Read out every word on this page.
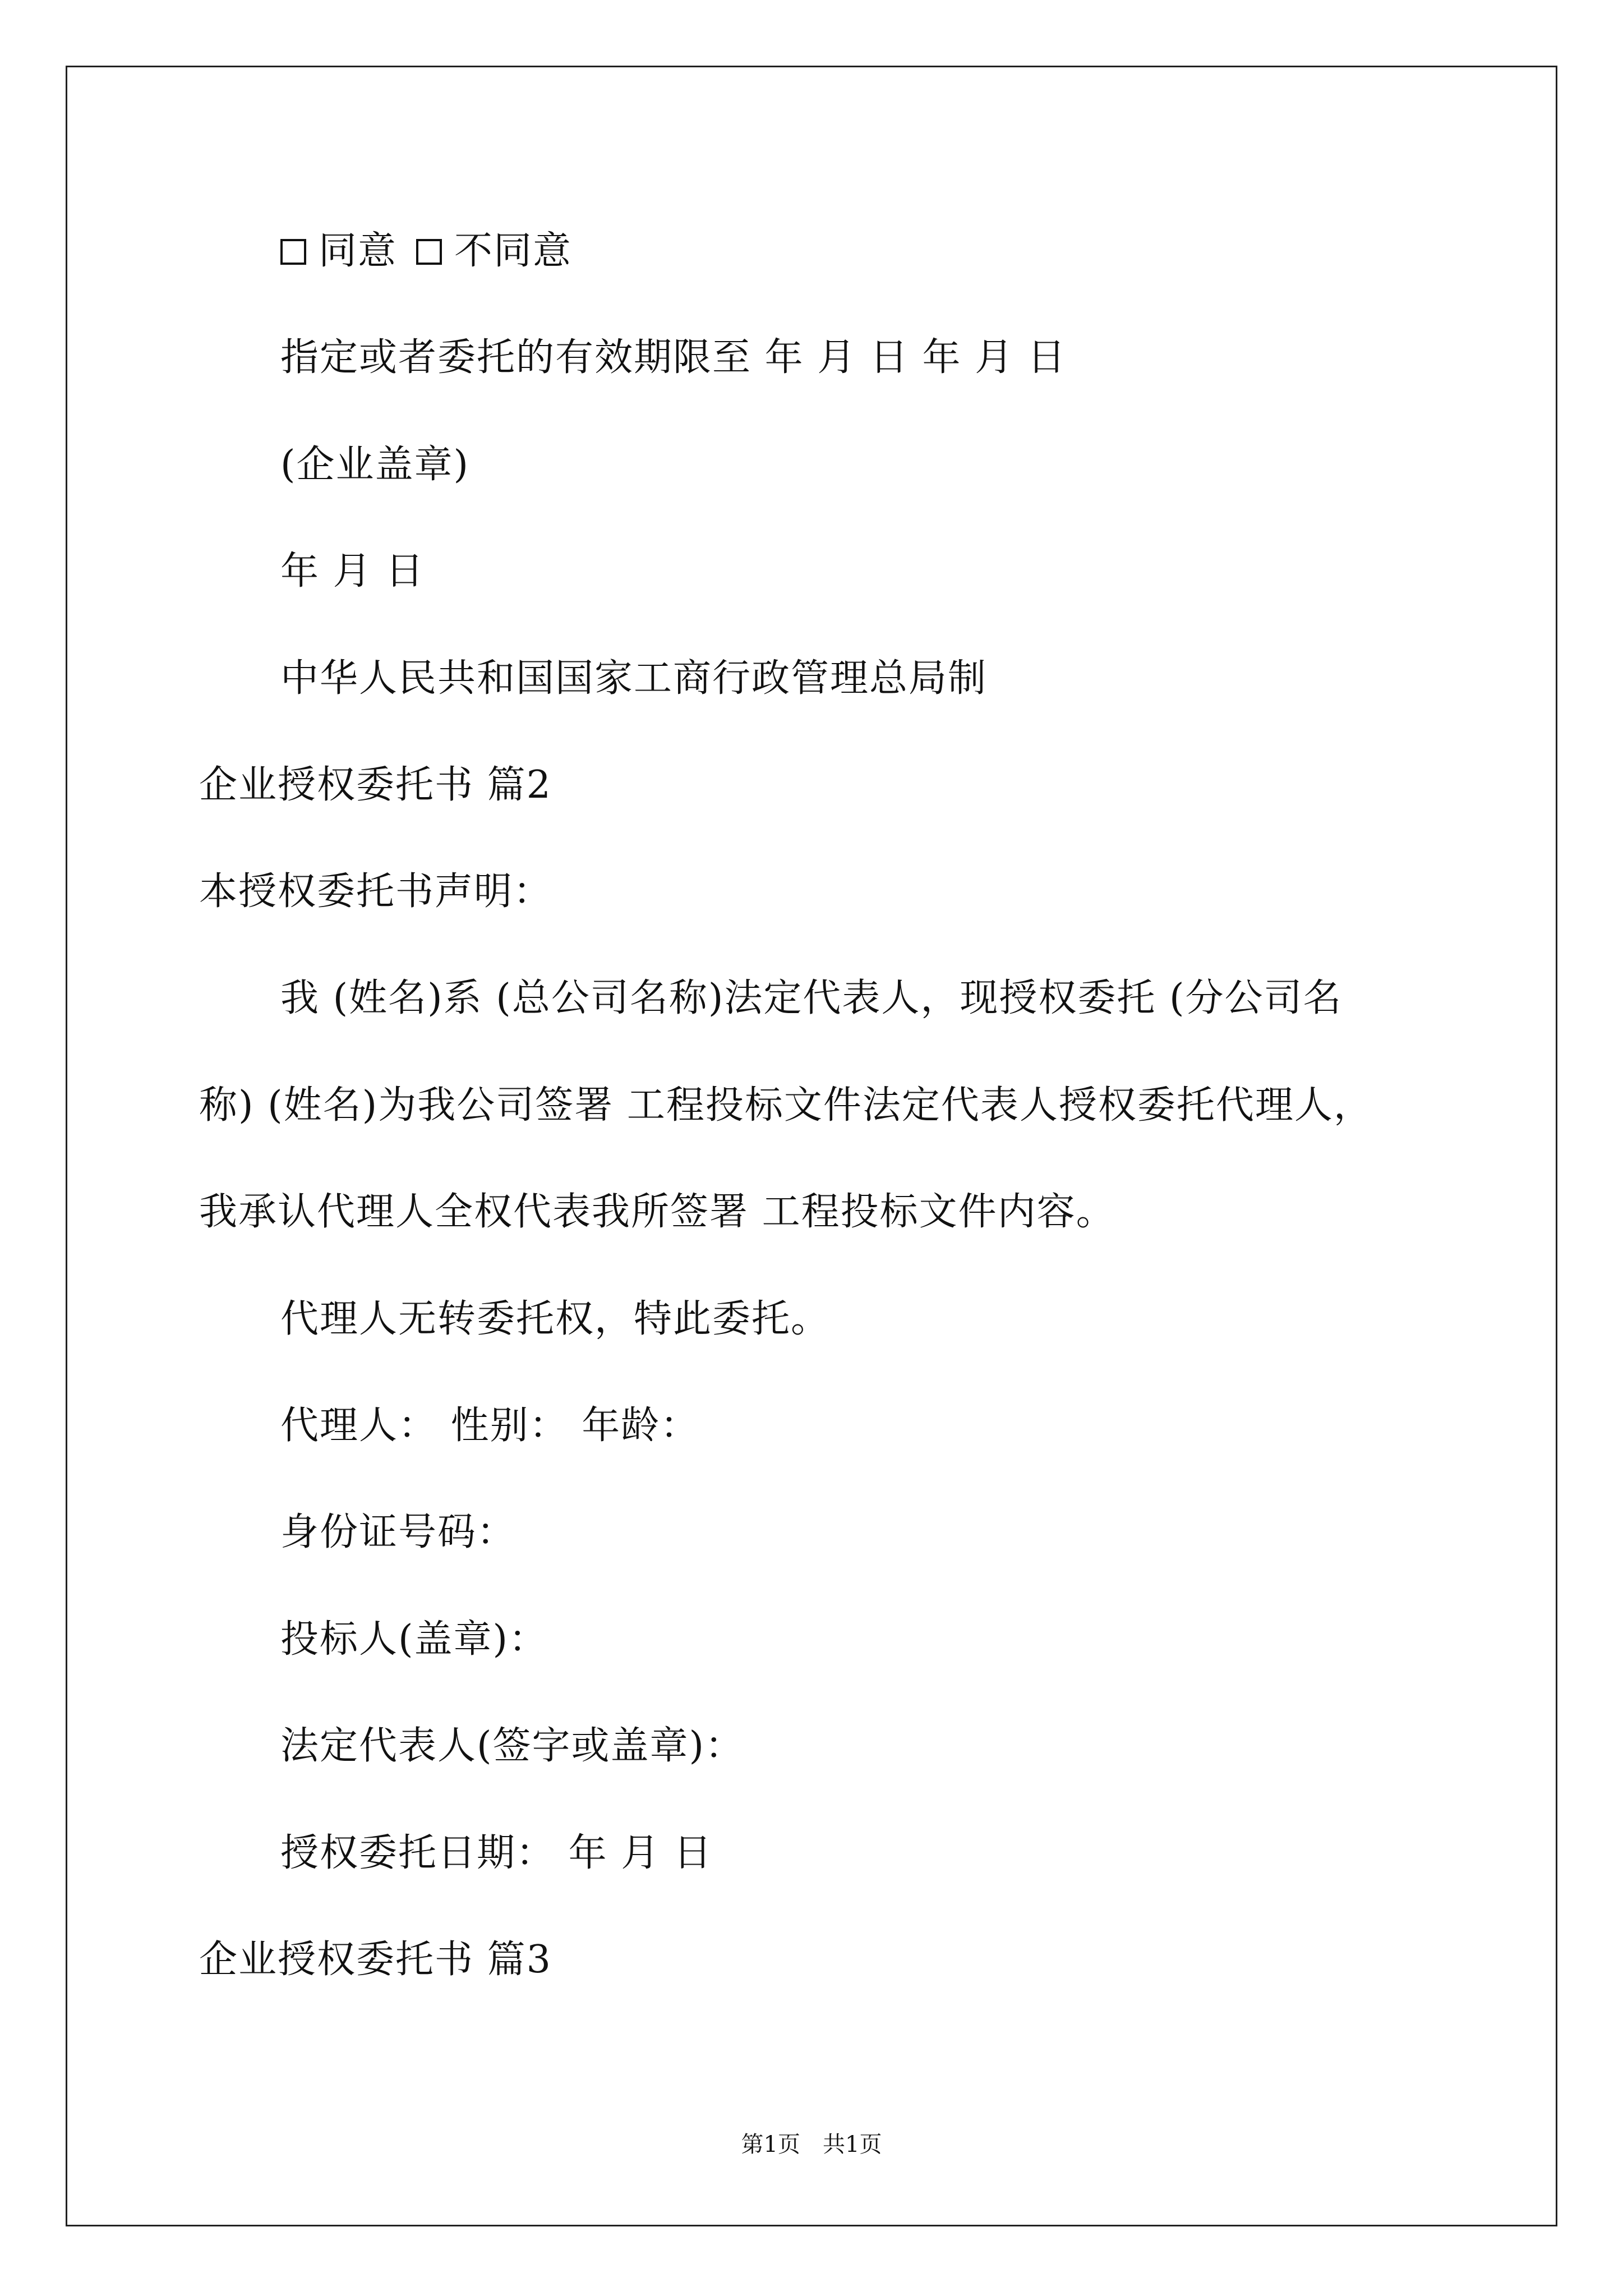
同意 不同意
指定或者委托的有效期限至 年 月 日 年 月 日
(企业盖章)
年 月 日
中华人民共和国国家工商行政管理总局制
企业授权委托书 篇2
本授权委托书声明：
我 (姓名)系 (总公司名称)法定代表人，现授权委托 (分公司名
称) (姓名)为我公司签署 工程投标文件法定代表人授权委托代理人，
我承认代理人全权代表我所签署 工程投标文件内容。
代理人无转委托权，特此委托。
代理人： 性别： 年龄：
身份证号码：
投标人(盖章)：
法定代表人(签字或盖章)：
授权委托日期： 年 月 日
企业授权委托书 篇3
第1页　共1页
